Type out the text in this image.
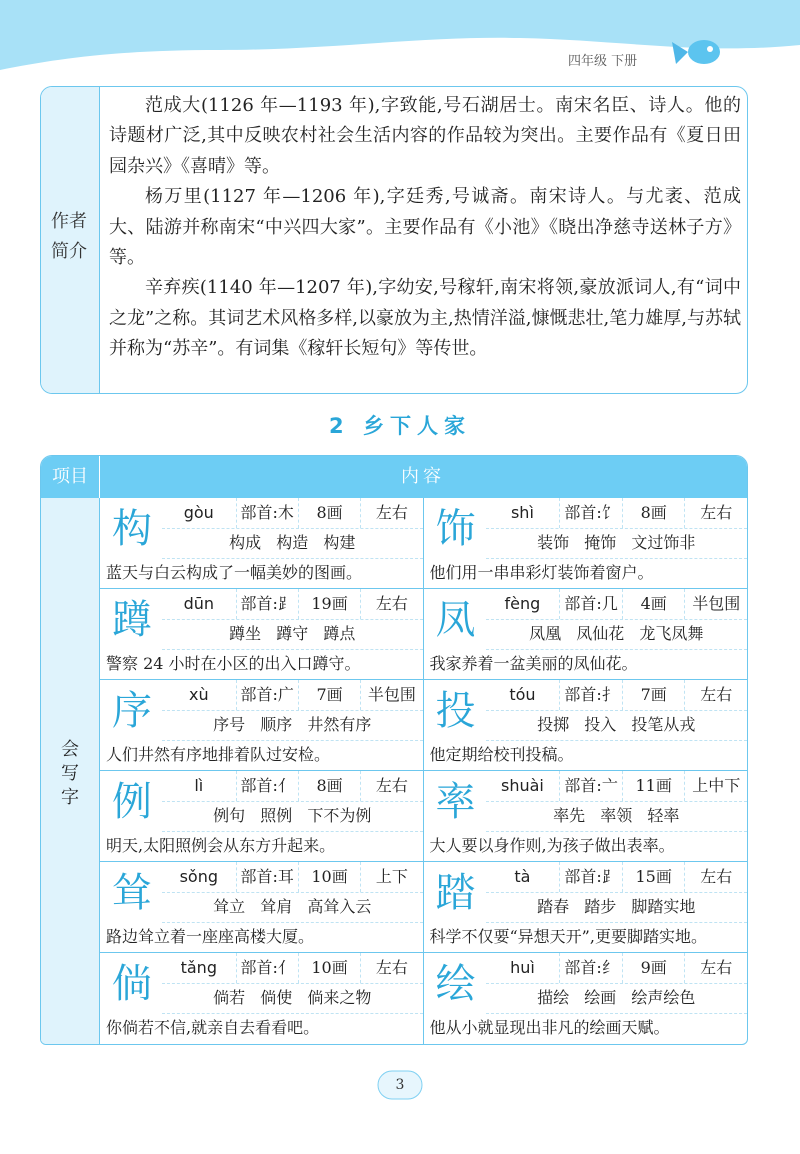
四年级 下册
作者简介

范成大(1126 年—1193 年),字致能,号石湖居士。南宋名臣、诗人。他的诗题材广泛,其中反映农村社会生活内容的作品较为突出。主要作品有《夏日田园杂兴》《喜晴》等。

杨万里(1127 年—1206 年),字廷秀,号诚斋。南宋诗人。与尤袤、范成大、陆游并称南宋“中兴四大家”。主要作品有《小池》《晓出净慈寺送林子方》等。

辛弃疾(1140 年—1207 年),字幼安,号稼轩,南宋将领,豪放派词人,有“词中之龙”之称。其词艺术风格多样,以豪放为主,热情洋溢,慷慨悲壮,笔力雄厚,与苏轼并称为“苏辛”。有词集《稼轩长短句》等传世。

2 乡下人家
项目	内容
会写字
构	gòu	部首:木	8画	左右
构成 构造 构建
蓝天与白云构成了一幅美妙的图画。
饰	shì	部首:饣	8画	左右
装饰 掩饰 文过饰非
他们用一串串彩灯装饰着窗户。
蹲	dūn	部首:⻊	19画	左右
蹲坐 蹲守 蹲点
警察 24 小时在小区的出入口蹲守。
凤	fèng	部首:几	4画	半包围
凤凰 凤仙花 龙飞凤舞
我家养着一盆美丽的凤仙花。
序	xù	部首:广	7画	半包围
序号 顺序 井然有序
人们井然有序地排着队过安检。
投	tóu	部首:扌	7画	左右
投掷 投入 投笔从戎
他定期给校刊投稿。
例	lì	部首:亻	8画	左右
例句 照例 下不为例
明天,太阳照例会从东方升起来。
率	shuài	部首:亠	11画	上中下
率先 率领 轻率
大人要以身作则,为孩子做出表率。
耸	sǒng	部首:耳	10画	上下
耸立 耸肩 高耸入云
路边耸立着一座座高楼大厦。
踏	tà	部首:⻊	15画	左右
踏春 踏步 脚踏实地
科学不仅要“异想天开”,更要脚踏实地。
倘	tǎng	部首:亻	10画	左右
倘若 倘使 倘来之物
你倘若不信,就亲自去看看吧。
绘	huì	部首:纟	9画	左右
描绘 绘画 绘声绘色
他从小就显现出非凡的绘画天赋。
3
